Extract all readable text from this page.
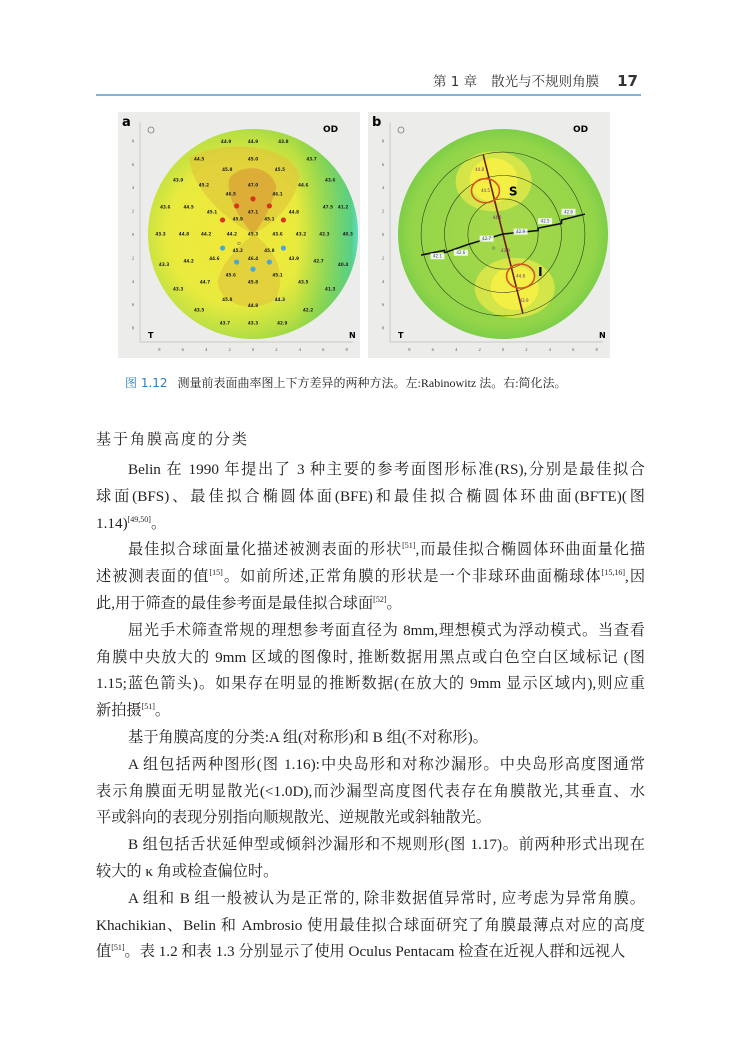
第 1 章 散光与不规则角膜 17
8
8
6
6
4
4
2
2
0
0
2
2
4
4
6
6
8
8
a	OD
T	N
44.9	44.9	43.8
44.5	45.0	43.7
45.8	45.5
43.9	43.6
45.2	47.0	44.6
46.5	46.1
43.6	44.5	47.5 41.2
45.1	47.1	44.8
45.9	45.1
43.3	44.8	44.2	44.2	45.3	43.6	43.2	42.3	40.3
45.2	45.8
44.6	46.4	43.9
44.2	42.7
43.3	40.4
45.6	45.1
44.7	45.8	43.5
43.3	41.3
45.8	44.3
44.8
43.5	42.2
43.7	43.3	42.9
8
8
6
6
4
4
2
2
0
0
2
2
4
4
6
6
8
8
b	OD
T	N
44.8
44.5
44.5
43.9
44.8
43.9
42.1
42.6
42.7
42.9
42.5
42.6
S
I
图 1.12 测量前表面曲率图上下方差异的两种方法。左:Rabinowitz 法。右:简化法。
基于角膜高度的分类
Belin 在 1990 年提出了 3 种主要的参考面图形标准(RS),分别是最佳拟合
球面(BFS)、最佳拟合椭圆体面(BFE)和最佳拟合椭圆体环曲面(BFTE)(图
1.14)[49,50]。
最佳拟合球面量化描述被测表面的形状[51],而最佳拟合椭圆体环曲面量化描
述被测表面的值[15]。如前所述,正常角膜的形状是一个非球环曲面椭球体[15,16],因
此,用于筛查的最佳参考面是最佳拟合球面[52]。
屈光手术筛查常规的理想参考面直径为 8mm,理想模式为浮动模式。当查看
角膜中央放大的 9mm 区域的图像时, 推断数据用黑点或白色空白区域标记 (图
1.15;蓝色箭头)。如果存在明显的推断数据(在放大的 9mm 显示区域内),则应重
新拍摄[51]。
基于角膜高度的分类:A 组(对称形)和 B 组(不对称形)。
A 组包括两种图形(图 1.16):中央岛形和对称沙漏形。中央岛形高度图通常
表示角膜面无明显散光(<1.0D),而沙漏型高度图代表存在角膜散光,其垂直、水
平或斜向的表现分别指向顺规散光、逆规散光或斜轴散光。
B 组包括舌状延伸型或倾斜沙漏形和不规则形(图 1.17)。前两种形式出现在
较大的 κ 角或检查偏位时。
A 组和 B 组一般被认为是正常的, 除非数据值异常时, 应考虑为异常角膜。
Khachikian、Belin 和 Ambrosio 使用最佳拟合球面研究了角膜最薄点对应的高度
值[51]。表 1.2 和表 1.3 分别显示了使用 Oculus Pentacam 检查在近视人群和远视人
